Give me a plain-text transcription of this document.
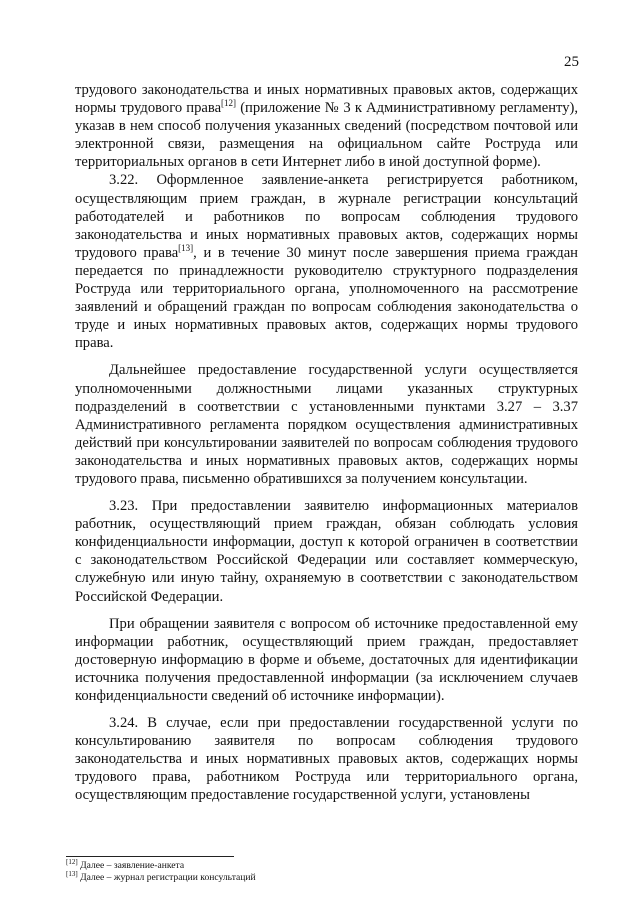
25

трудового законодательства и иных нормативных правовых актов, содержащих нормы трудового права[12] (приложение № 3 к Административному регламенту), указав в нем способ получения указанных сведений (посредством почтовой или электронной связи, размещения на официальном сайте Роструда или территориальных органов в сети Интернет либо в иной доступной форме).

3.22. Оформленное заявление-анкета регистрируется работником, осуществляющим прием граждан, в журнале регистрации консультаций работодателей и работников по вопросам соблюдения трудового законодательства и иных нормативных правовых актов, содержащих нормы трудового права[13], и в течение 30 минут после завершения приема граждан передается по принадлежности руководителю структурного подразделения Роструда или территориального органа, уполномоченного на рассмотрение заявлений и обращений граждан по вопросам соблюдения законодательства о труде и иных нормативных правовых актов, содержащих нормы трудового права.

Дальнейшее предоставление государственной услуги осуществляется уполномоченными должностными лицами указанных структурных подразделений в соответствии с установленными пунктами 3.27 – 3.37 Административного регламента порядком осуществления административных действий при консультировании заявителей по вопросам соблюдения трудового законодательства и иных нормативных правовых актов, содержащих нормы трудового права, письменно обратившихся за получением консультации.

3.23. При предоставлении заявителю информационных материалов работник, осуществляющий прием граждан, обязан соблюдать условия конфиденциальности информации, доступ к которой ограничен в соответствии с законодательством Российской Федерации или составляет коммерческую, служебную или иную тайну, охраняемую в соответствии с законодательством Российской Федерации.

При обращении заявителя с вопросом об источнике предоставленной ему информации работник, осуществляющий прием граждан, предоставляет достоверную информацию в форме и объеме, достаточных для идентификации источника получения предоставленной информации (за исключением случаев конфиденциальности сведений об источнике информации).

3.24. В случае, если при предоставлении государственной услуги по консультированию заявителя по вопросам соблюдения трудового законодательства и иных нормативных правовых актов, содержащих нормы трудового права, работником Роструда или территориального органа, осуществляющим предоставление государственной услуги, установлены

[12] Далее – заявление-анкета

[13] Далее – журнал регистрации консультаций
